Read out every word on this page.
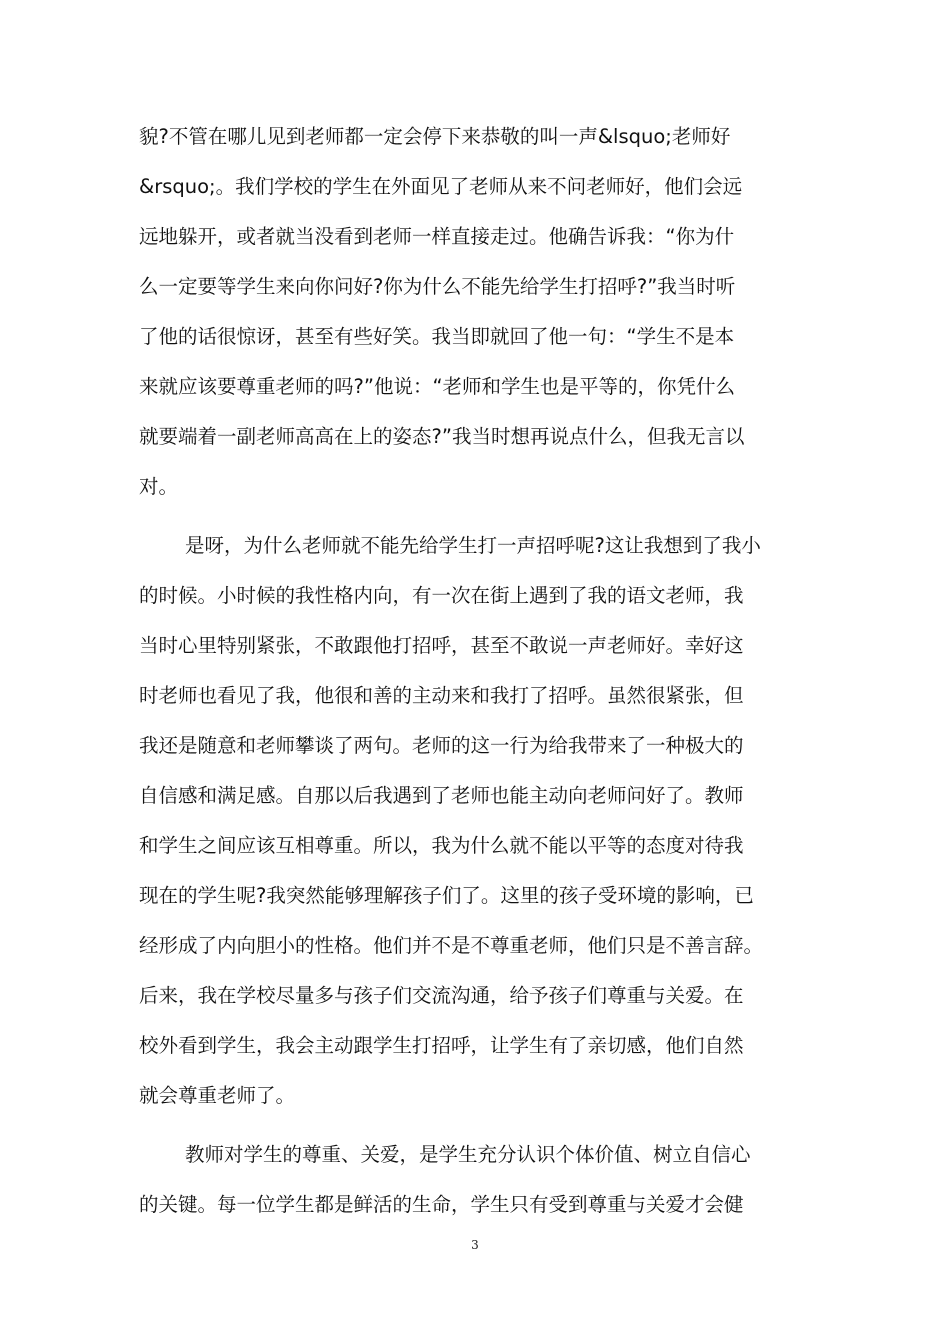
貌?不管在哪儿见到老师都一定会停下来恭敬的叫一声&lsquo;老师好
&rsquo;。我们学校的学生在外面见了老师从来不问老师好，他们会远
远地躲开，或者就当没看到老师一样直接走过。他确告诉我：“你为什
么一定要等学生来向你问好?你为什么不能先给学生打招呼?”我当时听
了他的话很惊讶，甚至有些好笑。我当即就回了他一句：“学生不是本
来就应该要尊重老师的吗?”他说：“老师和学生也是平等的，你凭什么
就要端着一副老师高高在上的姿态?”我当时想再说点什么，但我无言以
对。
是呀，为什么老师就不能先给学生打一声招呼呢?这让我想到了我小
的时候。小时候的我性格内向，有一次在街上遇到了我的语文老师，我
当时心里特别紧张，不敢跟他打招呼，甚至不敢说一声老师好。幸好这
时老师也看见了我，他很和善的主动来和我打了招呼。虽然很紧张，但
我还是随意和老师攀谈了两句。老师的这一行为给我带来了一种极大的
自信感和满足感。自那以后我遇到了老师也能主动向老师问好了。教师
和学生之间应该互相尊重。所以，我为什么就不能以平等的态度对待我
现在的学生呢?我突然能够理解孩子们了。这里的孩子受环境的影响，已
经形成了内向胆小的性格。他们并不是不尊重老师，他们只是不善言辞。
后来，我在学校尽量多与孩子们交流沟通，给予孩子们尊重与关爱。在
校外看到学生，我会主动跟学生打招呼，让学生有了亲切感，他们自然
就会尊重老师了。
教师对学生的尊重、关爱，是学生充分认识个体价值、树立自信心
的关键。每一位学生都是鲜活的生命，学生只有受到尊重与关爱才会健
3
